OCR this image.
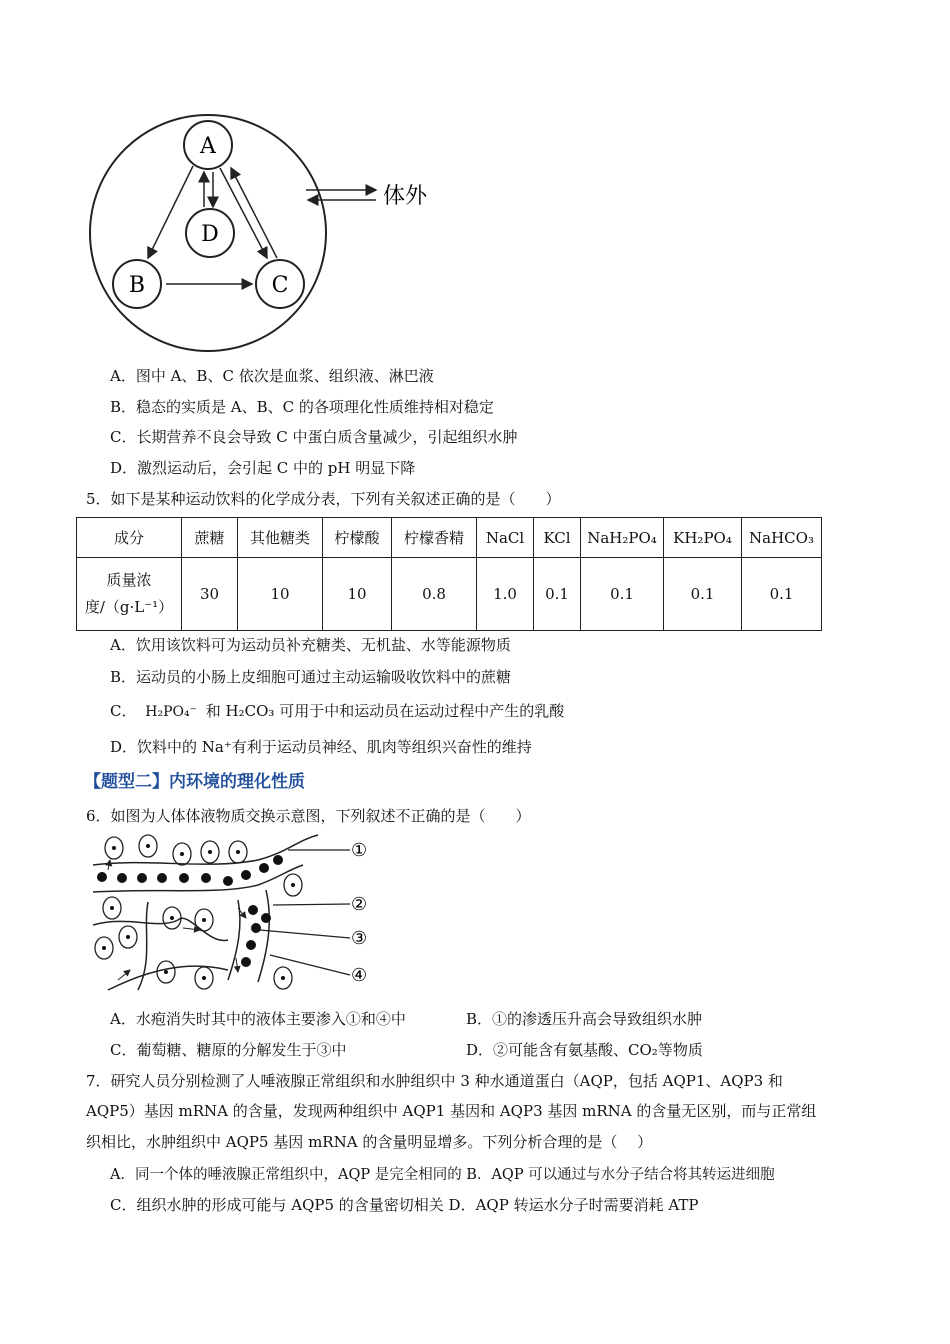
A
D
B	C
体外
A．图中 A、B、C 依次是血浆、组织液、淋巴液
B．稳态的实质是 A、B、C 的各项理化性质维持相对稳定
C．长期营养不良会导致 C 中蛋白质含量减少，引起组织水肿
D．激烈运动后，会引起 C 中的 pH 明显下降
5．如下是某种运动饮料的化学成分表，下列有关叙述正确的是（　　）
成分	蔗糖	其他糖类	柠檬酸	柠檬香精	NaCl	KCl	NaH₂PO₄	KH₂PO₄	NaHCO₃
质量浓
度/（g·L⁻¹）	30	10	10	0.8	1.0	0.1	0.1	0.1	0.1
A．饮用该饮料可为运动员补充糖类、无机盐、水等能源物质
B．运动员的小肠上皮细胞可通过主动运输吸收饮料中的蔗糖
C． H₂PO₄⁻ 和 H₂CO₃ 可用于中和运动员在运动过程中产生的乳酸
D．饮料中的 Na⁺有利于运动员神经、肌肉等组织兴奋性的维持
【题型二】内环境的理化性质
6．如图为人体体液物质交换示意图，下列叙述不正确的是（　　）
①
②
③
④
A．水疱消失时其中的液体主要渗入①和④中	B．①的渗透压升高会导致组织水肿
C．葡萄糖、糖原的分解发生于③中	D．②可能含有氨基酸、CO₂等物质
7．研究人员分别检测了人唾液腺正常组织和水肿组织中 3 种水通道蛋白（AQP，包括 AQP1、AQP3 和
AQP5）基因 mRNA 的含量，发现两种组织中 AQP1 基因和 AQP3 基因 mRNA 的含量无区别，而与正常组
织相比，水肿组织中 AQP5 基因 mRNA 的含量明显增多。下列分析合理的是（　 ）
A．同一个体的唾液腺正常组织中，AQP 是完全相同的 B．AQP 可以通过与水分子结合将其转运进细胞
C．组织水肿的形成可能与 AQP5 的含量密切相关 D．AQP 转运水分子时需要消耗 ATP
